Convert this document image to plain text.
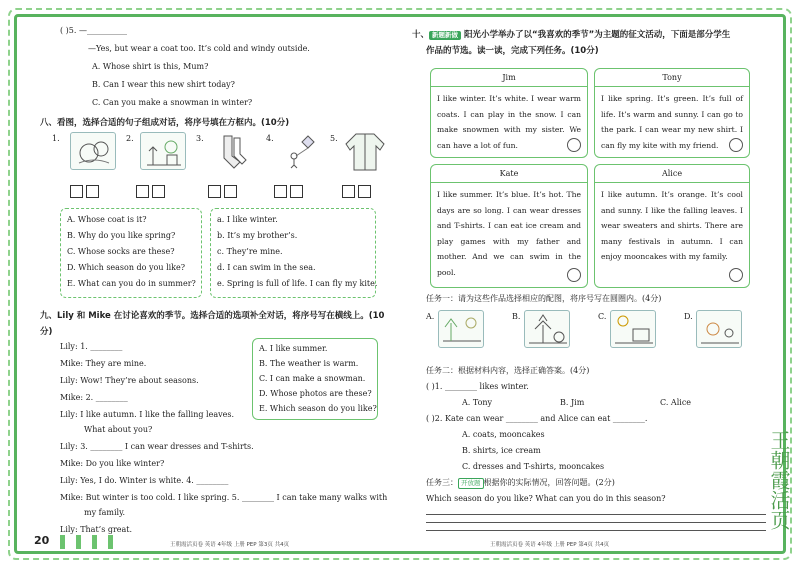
( )5. —__________
—Yes, but wear a coat too. It’s cold and windy outside.
A. Whose shirt is this, Mum?
B. Can I wear this new shirt today?
C. Can you make a snowman in winter?
八、看图，选择合适的句子组成对话，将序号填在方框内。(10分)
1.	2.	3.	4.	5.
A. Whose coat is it?
B. Why do you like spring?
C. Whose socks are these?
D. Which season do you like?
E. What can you do in summer?
a. I like winter.
b. It’s my brother’s.
c. They’re mine.
d. I can swim in the sea.
e. Spring is full of life. I can fly my kite.
九、Lily 和 Mike 在讨论喜欢的季节。选择合适的选项补全对话，将序号写在横线上。(10分)
A. I like summer.
B. The weather is warm.
C. I can make a snowman.
D. Whose photos are these?
E. Which season do you like?
Lily: 1. ________
Mike: They are mine.
Lily: Wow! They’re about seasons.
Mike: 2. ________
Lily: I like autumn. I like the falling leaves.
What about you?
Lily: 3. ________ I can wear dresses and T-shirts.
Mike: Do you like winter?
Lily: Yes, I do. Winter is white. 4. ________
Mike: But winter is too cold. I like spring. 5. ________ I can take many walks with
my family.
Lily: That’s great.
20	王朝霞活页卷 英语 4年级 上册 PEP 第3页 共4页
十、 新题新做 阳光小学举办了以“我喜欢的季节”为主题的征文活动，下面是部分学生
作品的节选。读一读，完成下列任务。(10分)
Jim
I like winter. It’s white. I wear warm coats. I can play in the snow. I can make snowmen with my sister. We can have a lot of fun.
Tony
I like spring. It’s green. It’s full of life. It’s warm and sunny. I can go to the park. I can wear my new shirt. I can fly my kite with my friend.
Kate
I like summer. It’s blue. It’s hot. The days are so long. I can wear dresses and T-shirts. I can eat ice cream and play games with my father and mother. And we can swim in the pool.
Alice
I like autumn. It’s orange. It’s cool and sunny. I like the falling leaves. I wear sweaters and shirts. There are many festivals in autumn. I can enjoy mooncakes with my family.
任务一：请为这些作品选择相应的配图，将序号写在圆圈内。(4分)
A.	B.	C.	D.
任务二：根据材料内容，选择正确答案。(4分)
( )1. ________ likes winter.
A. Tony	B. Jim	C. Alice
( )2. Kate can wear ________ and Alice can eat ________.
A. coats, mooncakes
B. shirts, ice cream
C. dresses and T-shirts, mooncakes
任务三： 开放题 根据你的实际情况，回答问题。(2分)
Which season do you like? What can you do in this season?
王朝霞活页卷 英语 4年级 上册 PEP 第4页 共4页
王朝霞活页
